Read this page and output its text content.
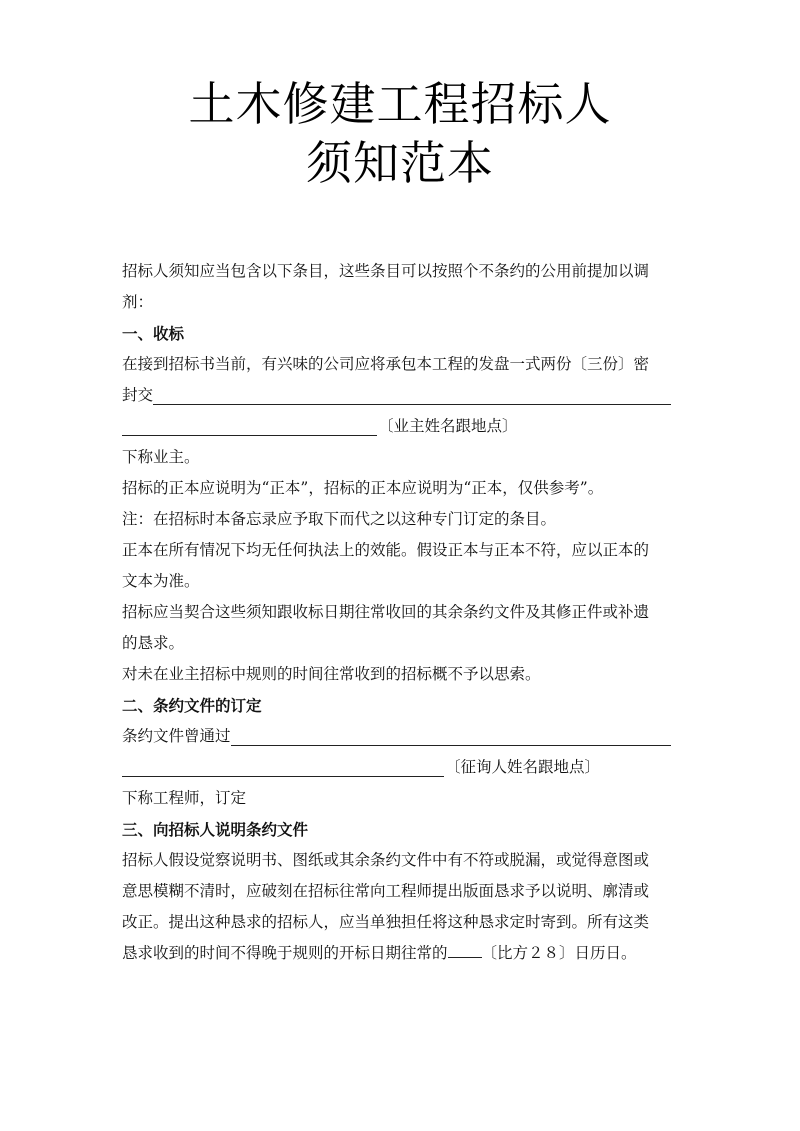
土木修建工程招标人
须知范本

招标人须知应当包含以下条目，这些条目可以按照个不条约的公用前提加以调

剂：

一、收标

在接到招标书当前，有兴味的公司应将承包本工程的发盘一式两份〔三份〕密

封交
〔业主姓名跟地点〕

下称业主。

招标的正本应说明为“正本”，招标的正本应说明为“正本，仅供参考”。

注：在招标时本备忘录应予取下而代之以这种专门订定的条目。

正本在所有情况下均无任何执法上的效能。假设正本与正本不符，应以正本的

文本为准。

招标应当契合这些须知跟收标日期往常收回的其余条约文件及其修正件或补遗

的恳求。

对未在业主招标中规则的时间往常收到的招标概不予以思索。

二、条约文件的订定

条约文件曾通过
〔征询人姓名跟地点〕

下称工程师，订定

三、向招标人说明条约文件

招标人假设觉察说明书、图纸或其余条约文件中有不符或脱漏，或觉得意图或

意思模糊不清时，应破刻在招标往常向工程师提出版面恳求予以说明、廓清或

改正。提出这种恳求的招标人，应当单独担任将这种恳求定时寄到。所有这类

恳求收到的时间不得晚于规则的开标日期往常的 〔比方２８〕日历日。
